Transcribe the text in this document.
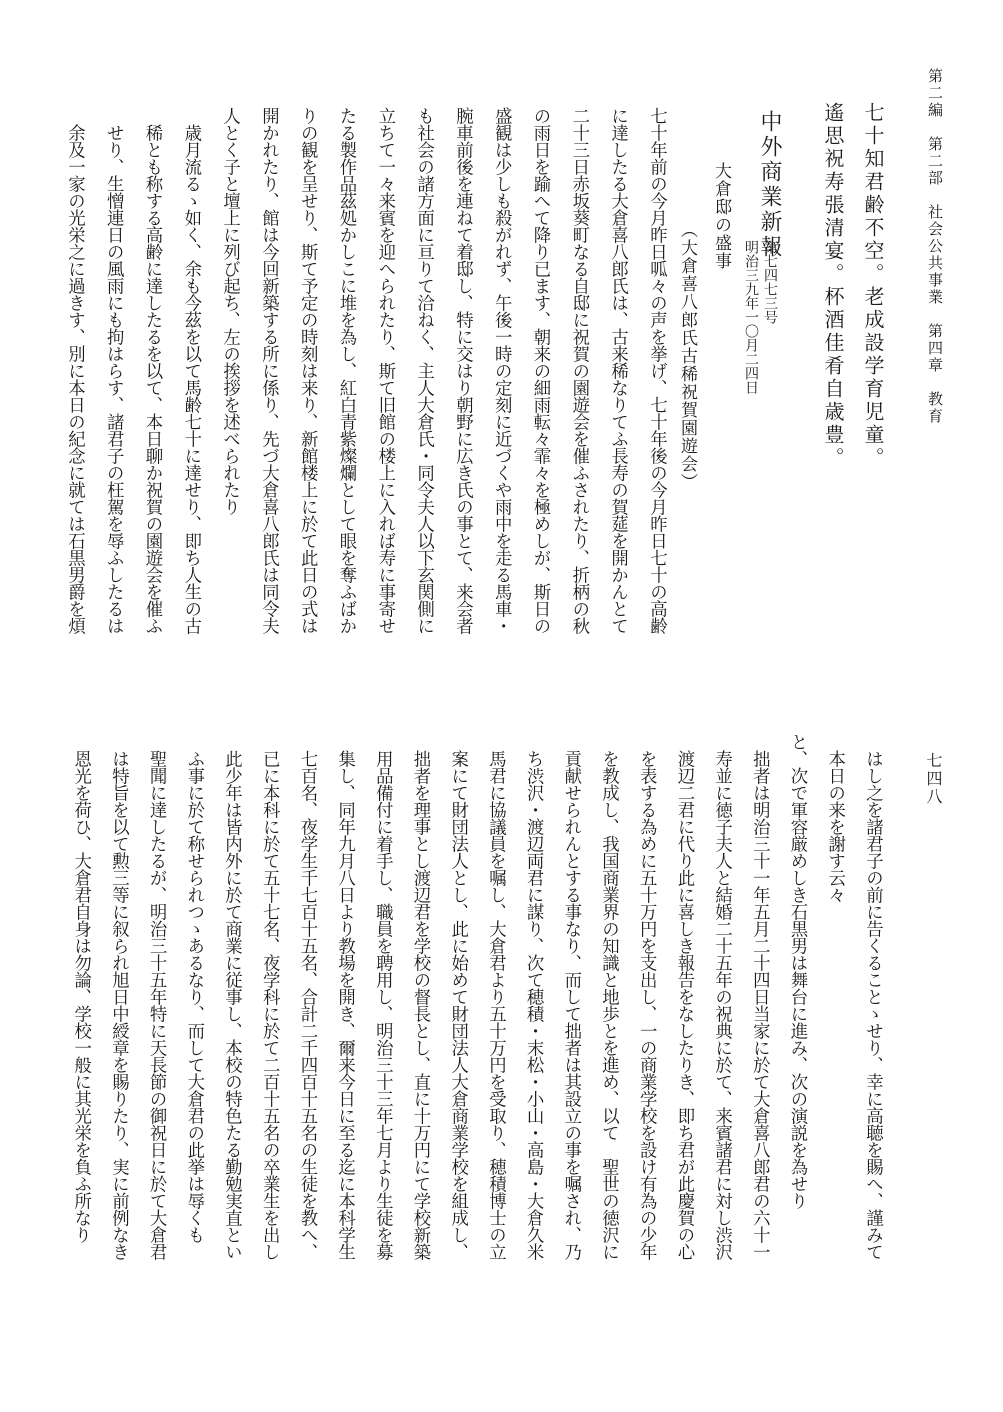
第二編　第二部　社会公共事業　第四章　教育
七四八
七十知君齢不空。老成設学育児童。
遙思祝寿張清宴。杯酒佳肴自歳豊。
中外商業新報
第七四七三号
明治三九年一〇月二四日
大倉邸の盛事
（大倉喜八郎氏古稀祝賀園遊会）
七十年前の今月昨日呱々の声を挙げ、七十年後の今月昨日七十の高齢
に達したる大倉喜八郎氏は、古来稀なりてふ長寿の賀莚を開かんとて
二十三日赤坂葵町なる自邸に祝賀の園遊会を催ふされたり、折柄の秋
の雨日を踰へて降り已ます、朝来の細雨転々霏々を極めしが、斯日の
盛観は少しも殺がれず、午後一時の定刻に近づくや雨中を走る馬車・
腕車前後を連ねて着邸し、特に交はり朝野に広き氏の事とて、来会者
も社会の諸方面に亘りて洽ねく、主人大倉氏・同令夫人以下玄関側に
立ちて一々来賓を迎へられたり、斯て旧館の楼上に入れば寿に事寄せ
たる製作品茲処かしこに堆を為し、紅白青紫燦爛として眼を奪ふばか
りの観を呈せり、斯て予定の時刻は来り、新館楼上に於て此日の式は
開かれたり、館は今回新築する所に係り、先づ大倉喜八郎氏は同令夫
人とく子と壇上に列び起ち、左の挨拶を述べられたり
　歳月流るゝ如く、余も今茲を以て馬齢七十に達せり、即ち人生の古
　稀とも称する高齢に達したるを以て、本日聊か祝賀の園遊会を催ふ
　せり、生憎連日の風雨にも拘はらす、諸君子の枉駕を辱ふしたるは
　余及一家の光栄之に過きす、別に本日の紀念に就ては石黒男爵を煩
　はし之を諸君子の前に告くることゝせり、幸に高聴を賜へ、謹みて
　本日の来を謝す云々
と、次で軍容厳めしき石黒男は舞台に進み、次の演説を為せり
　拙者は明治三十一年五月二十四日当家に於て大倉喜八郎君の六十一
　寿並に徳子夫人と結婚二十五年の祝典に於て、来賓諸君に対し渋沢
　渡辺二君に代り此に喜しき報告をなしたりき、即ち君が此慶賀の心
　を表する為めに五十万円を支出し、一の商業学校を設け有為の少年
　を教成し、我国商業界の知識と地歩とを進め、以て　聖世の徳沢に
　貢献せられんとする事なり、而して拙者は其設立の事を嘱され、乃
　ち渋沢・渡辺両君に謀り、次て穂積・末松・小山・高島・大倉久米
　馬君に協議員を嘱し、大倉君より五十万円を受取り、穂積博士の立
　案にて財団法人とし、此に始めて財団法人大倉商業学校を組成し、
　拙者を理事とし渡辺君を学校の督長とし、直に十万円にて学校新築
　用品備付に着手し、職員を聘用し、明治三十三年七月より生徒を募
　集し、同年九月八日より教場を開き、爾来今日に至る迄に本科学生
　七百名、夜学生千七百十五名、合計二千四百十五名の生徒を教へ、
　已に本科に於て五十七名、夜学科に於て二百十五名の卒業生を出し
　此少年は皆内外に於て商業に従事し、本校の特色たる勤勉実直とい
　ふ事に於て称せられつゝあるなり、而して大倉君の此挙は辱くも
　聖聞に達したるが、明治三十五年特に天長節の御祝日に於て大倉君
　は特旨を以て勲三等に叙られ旭日中綬章を賜りたり、実に前例なき
　恩光を荷ひ、大倉君自身は勿論、学校一般に其光栄を負ふ所なり
